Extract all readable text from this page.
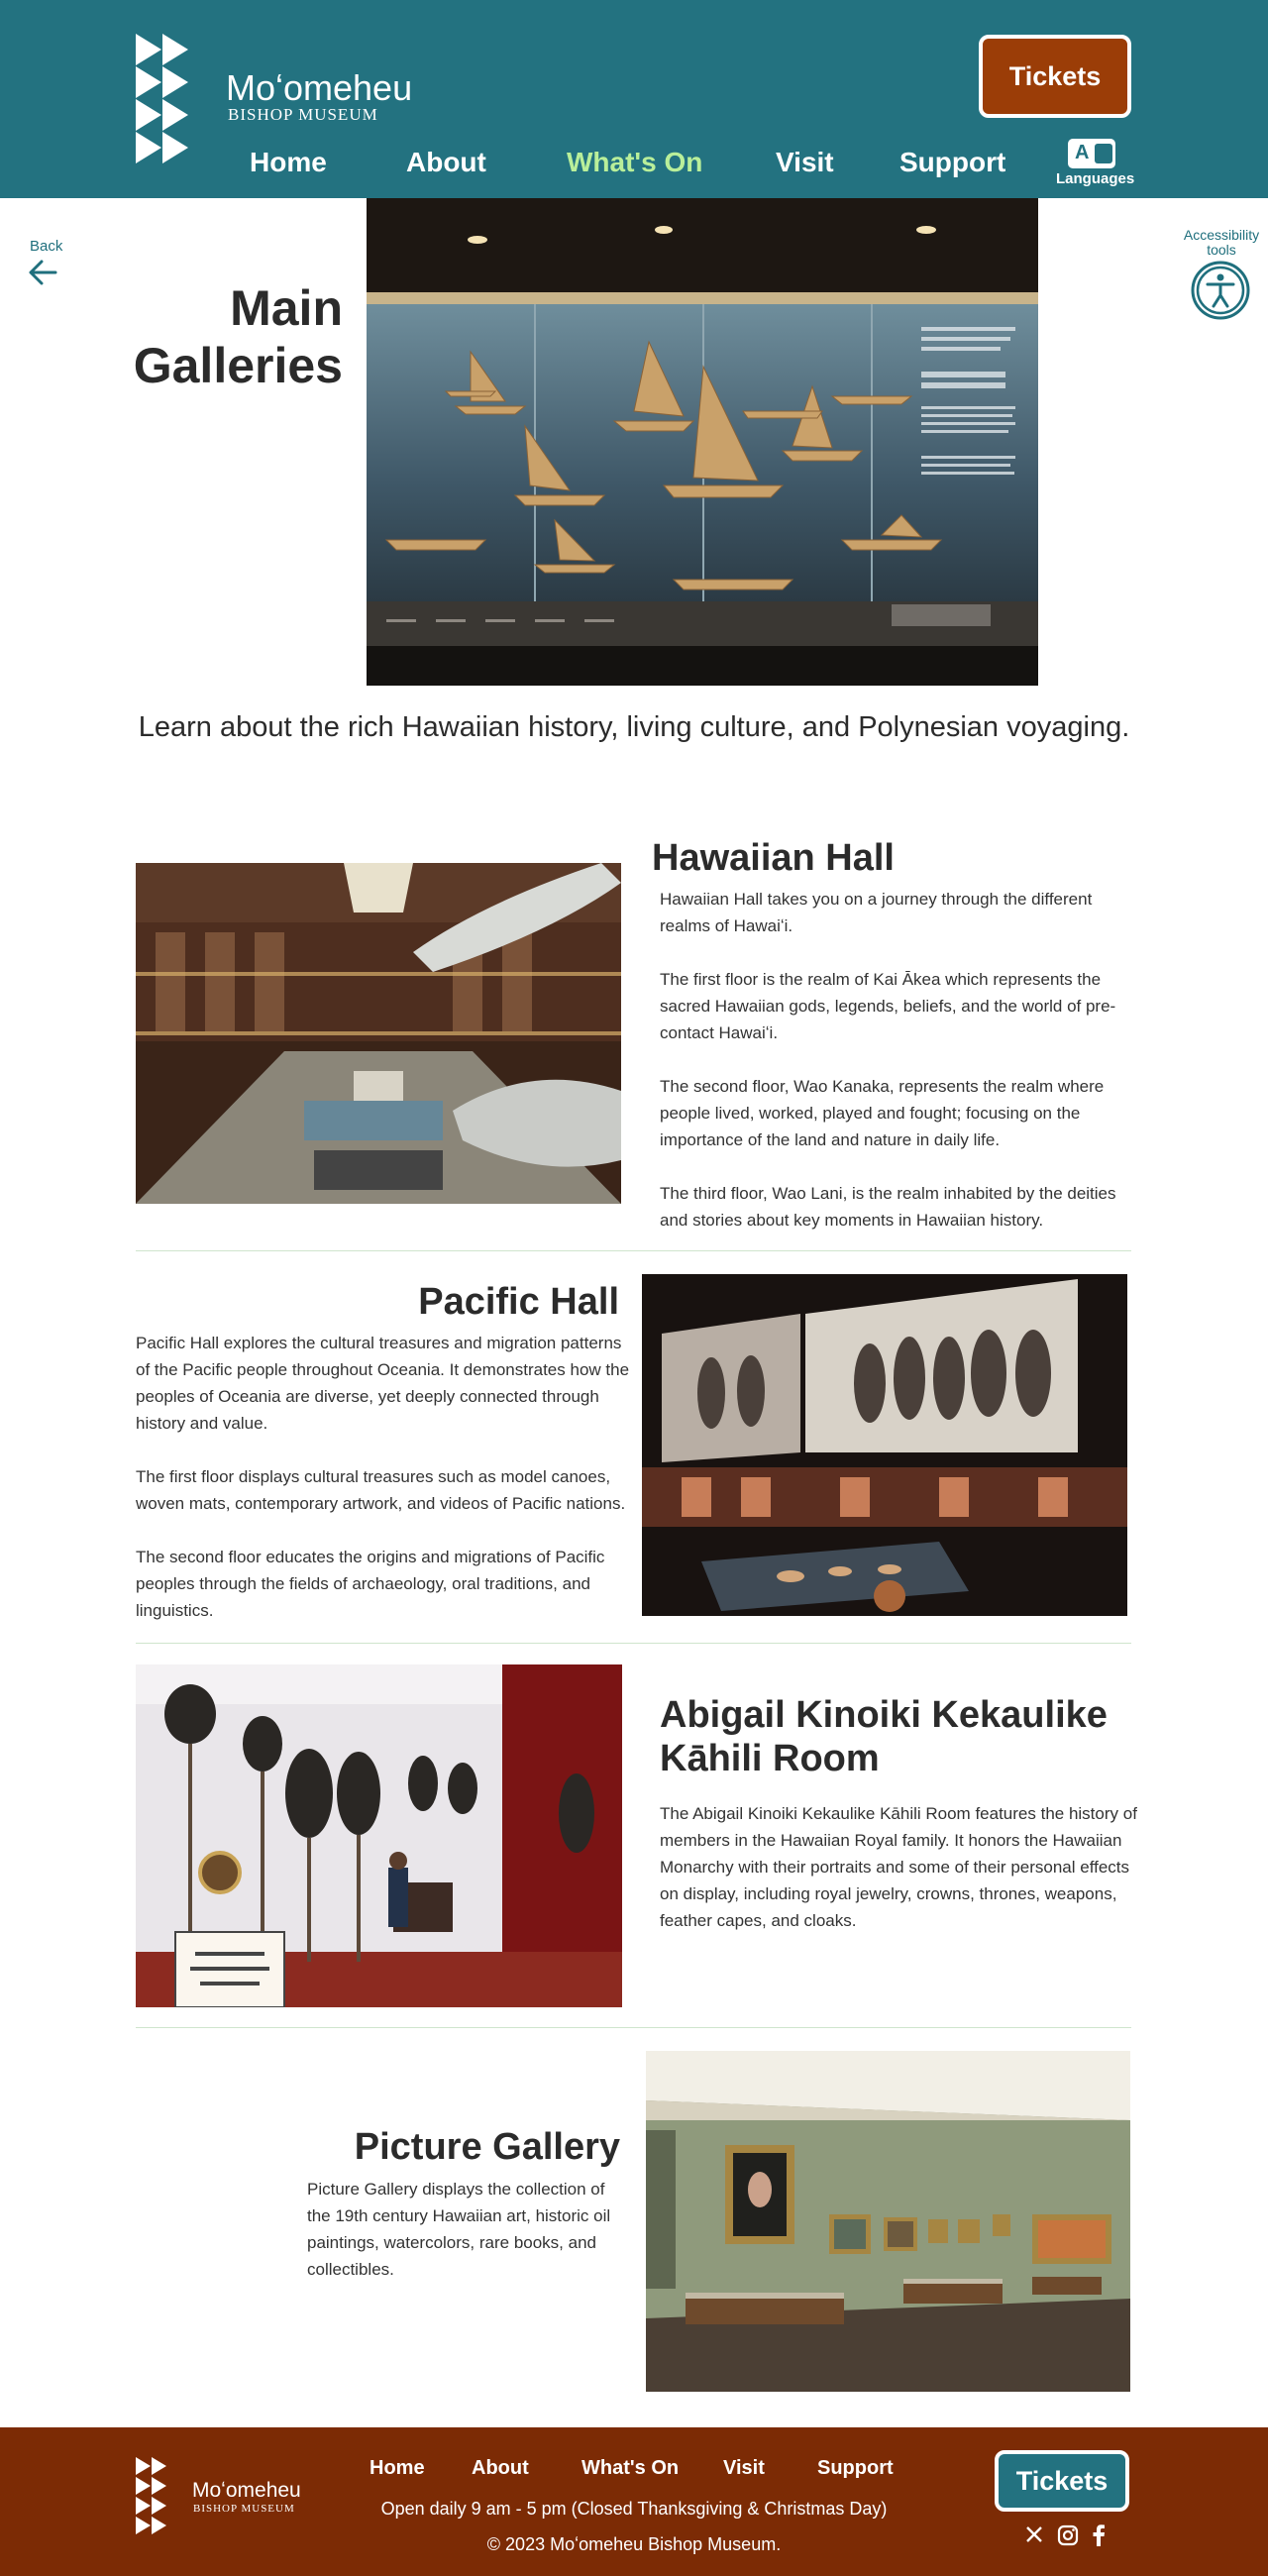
Moʻomeheu
BISHOP MUSEUM
Tickets
Home	About	What's On	Visit Support	A
Languages
Back
Accessibility tools
Main
Galleries
Learn about the rich Hawaiian history, living culture, and Polynesian voyaging.
Hawaiian Hall

Hawaiian Hall takes you on a journey through the different realms of Hawaiʻi.

The first floor is the realm of Kai Ākea which represents the sacred Hawaiian gods, legends, beliefs, and the world of pre-contact Hawaiʻi.

The second floor, Wao Kanaka, represents the realm where people lived, worked, played and fought; focusing on the importance of the land and nature in daily life.

The third floor, Wao Lani, is the realm inhabited by the deities and stories about key moments in Hawaiian history.

Pacific Hall

Pacific Hall explores the cultural treasures and migration patterns of the Pacific people throughout Oceania. It demonstrates how the peoples of Oceania are diverse, yet deeply connected through history and value.

The first floor displays cultural treasures such as model canoes, woven mats, contemporary artwork, and videos of Pacific nations.

The second floor educates the origins and migrations of Pacific peoples through the fields of archaeology, oral traditions, and linguistics.

Abigail Kinoiki Kekaulike
Kāhili Room

The Abigail Kinoiki Kekaulike Kāhili Room features the history of members in the Hawaiian Royal family. It honors the Hawaiian Monarchy with their portraits and some of their personal effects on display, including royal jewelry, crowns, thrones, weapons, feather capes, and cloaks.

Picture Gallery

Picture Gallery displays the collection of the 19th century Hawaiian art, historic oil paintings, watercolors, rare books, and collectibles.

Moʻomeheu
BISHOP MUSEUM
Home About	What's On Visit	Support
Open daily 9 am - 5 pm (Closed Thanksgiving & Christmas Day)
© 2023 Moʻomeheu Bishop Museum.
Tickets
